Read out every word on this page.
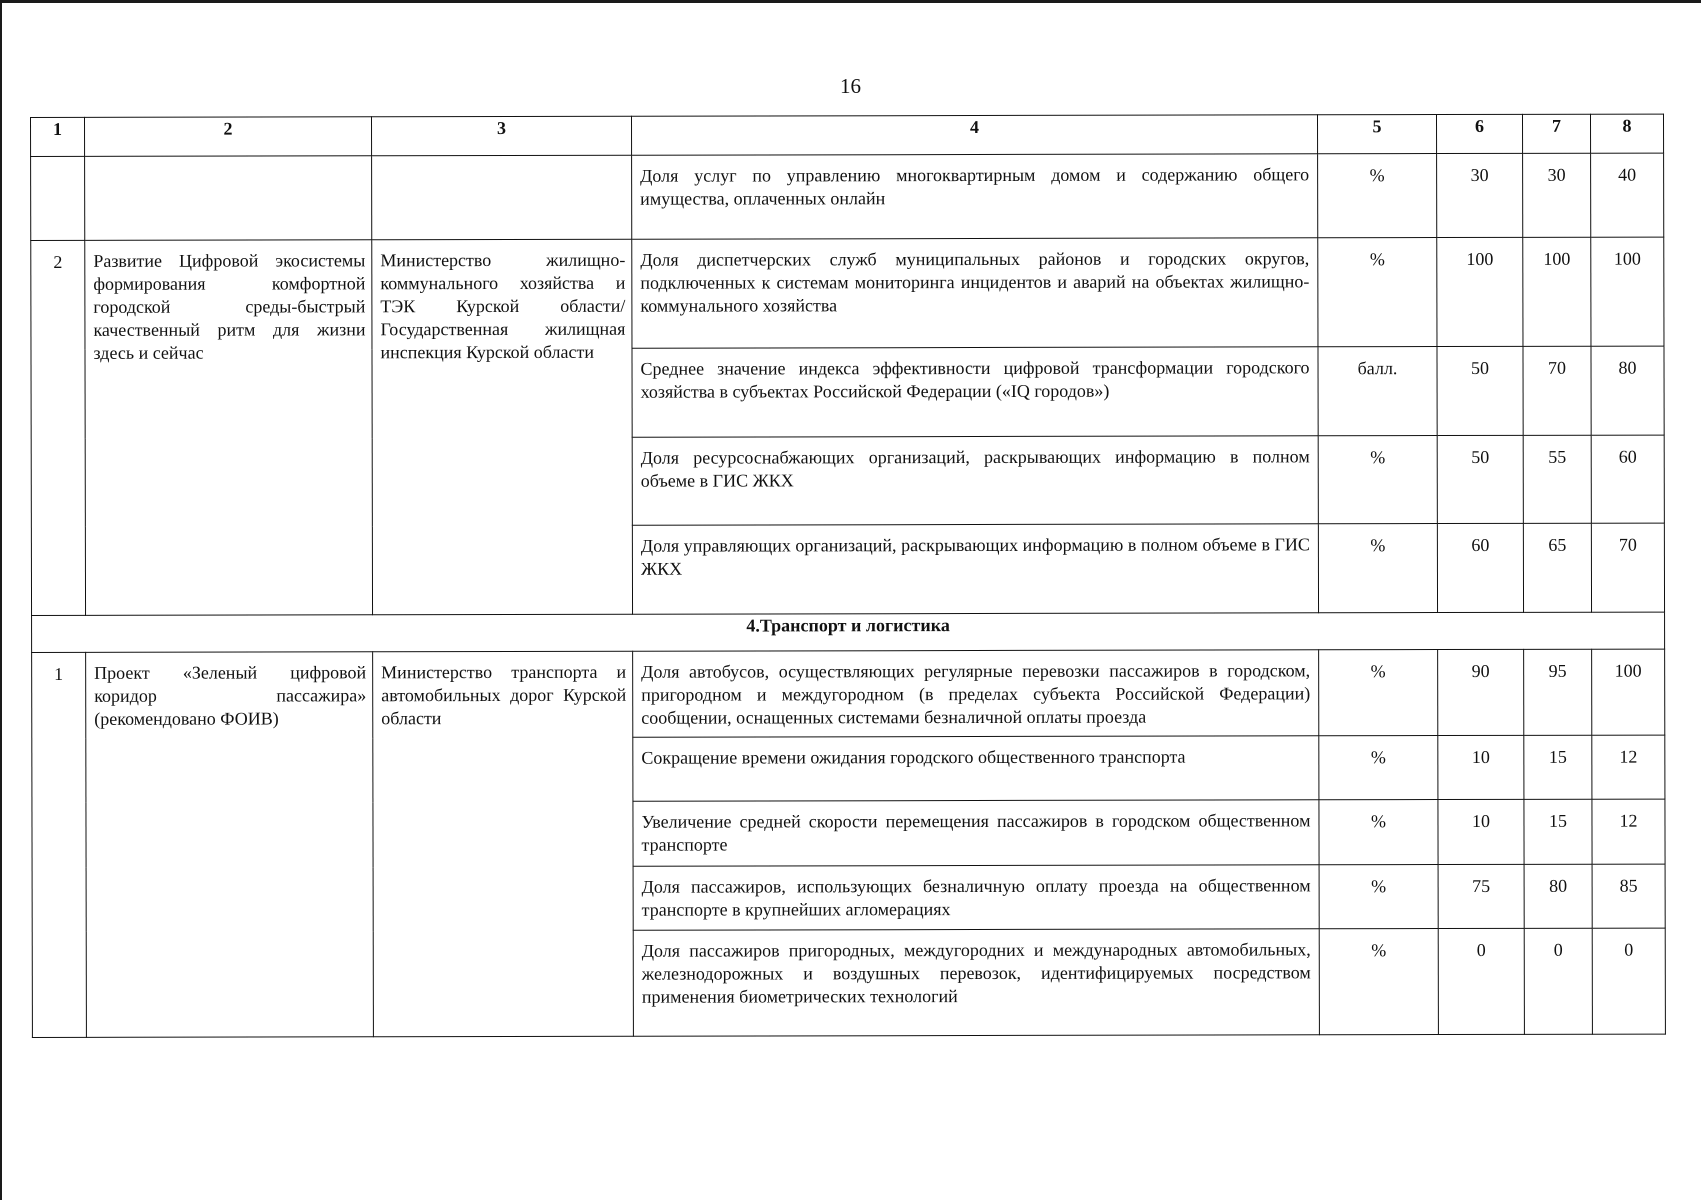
16
1	2	3	4	5	6	7	8
			Доля услуг по управлению многоквартирным домом и содержанию общего имущества, оплаченных онлайн	%	30	30	40
2	Развитие Цифровой экосистемы формирования комфортной городской среды-быстрый качественный ритм для жизни здесь и сейчас	Министерство жилищно-коммунального хозяйства и ТЭК Курской области/ Государственная жилищная инспекция Курской области	Доля диспетчерских служб муниципальных районов и городских округов, подключенных к системам мониторинга инцидентов и аварий на объектах жилищно-коммунального хозяйства	%	100	100	100
			Среднее значение индекса эффективности цифровой трансформации городского хозяйства в субъектах Российской Федерации («IQ городов»)	балл.	50	70	80
			Доля ресурсоснабжающих организаций, раскрывающих информацию в полном объеме в ГИС ЖКХ	%	50	55	60
			Доля управляющих организаций, раскрывающих информацию в полном объеме в ГИС ЖКХ	%	60	65	70
4.Транспорт и логистика							
1	Проект «Зеленый цифровой коридор пассажира» (рекомендовано ФОИВ)	Министерство транспорта и автомобильных дорог Курской области	Доля автобусов, осуществляющих регулярные перевозки пассажиров в городском, пригородном и междугородном (в пределах субъекта Российской Федерации) сообщении, оснащенных системами безналичной оплаты проезда	%	90	95	100
			Сокращение времени ожидания городского общественного транспорта	%	10	15	12
			Увеличение средней скорости перемещения пассажиров в городском общественном транспорте	%	10	15	12
			Доля пассажиров, использующих безналичную оплату проезда на общественном транспорте в крупнейших агломерациях	%	75	80	85
			Доля пассажиров пригородных, междугородних и международных автомобильных, железнодорожных и воздушных перевозок, идентифицируемых посредством применения биометрических технологий	%	0	0	0
